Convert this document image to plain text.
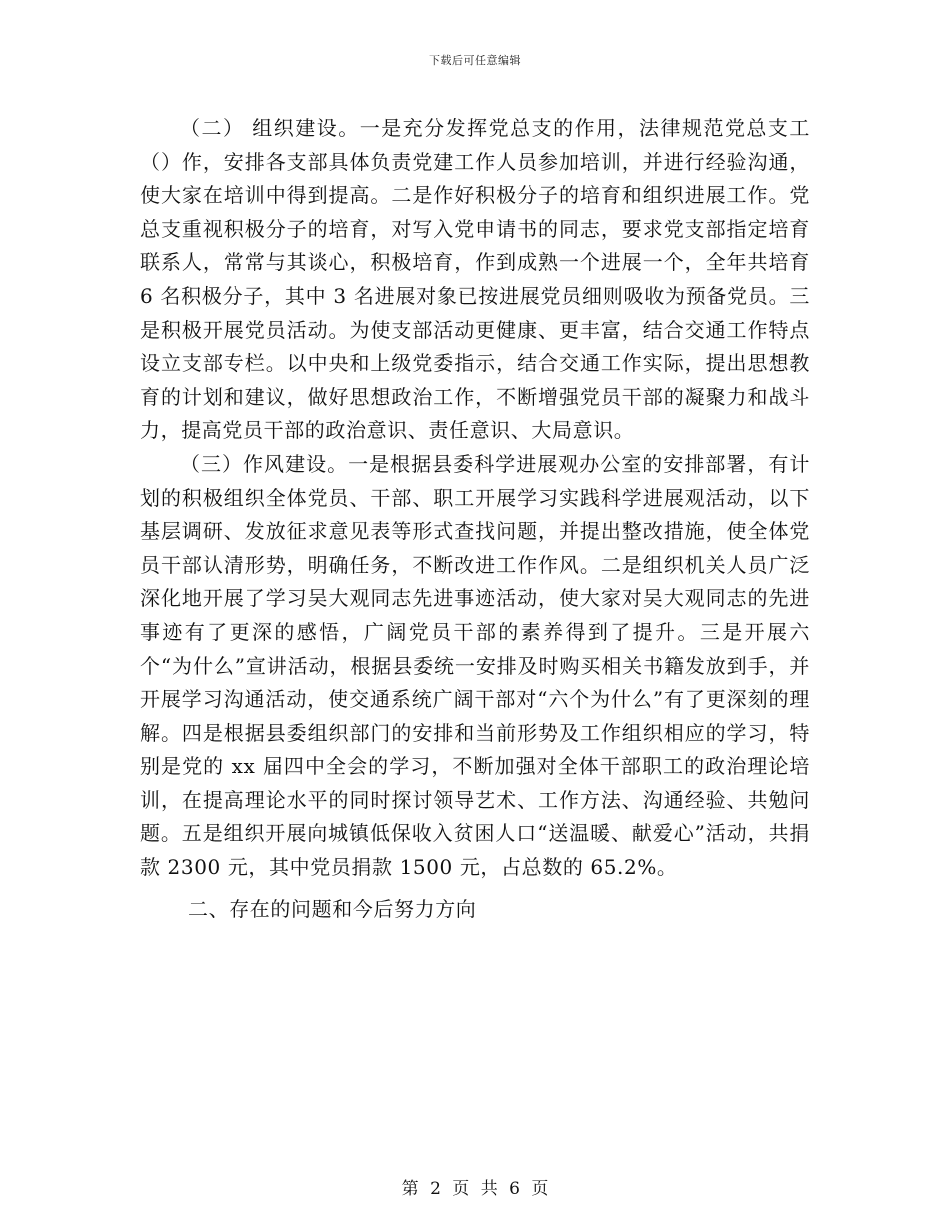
下载后可任意编辑

（二） 组织建设。一是充分发挥党总支的作用，法律规范党总支工（）作，安排各支部具体负责党建工作人员参加培训，并进行经验沟通，使大家在培训中得到提高。二是作好积极分子的培育和组织进展工作。党总支重视积极分子的培育，对写入党申请书的同志，要求党支部指定培育联系人，常常与其谈心，积极培育，作到成熟一个进展一个，全年共培育 6 名积极分子，其中 3 名进展对象已按进展党员细则吸收为预备党员。三是积极开展党员活动。为使支部活动更健康、更丰富，结合交通工作特点设立支部专栏。以中央和上级党委指示，结合交通工作实际，提出思想教育的计划和建议，做好思想政治工作，不断增强党员干部的凝聚力和战斗力，提高党员干部的政治意识、责任意识、大局意识。

（三）作风建设。一是根据县委科学进展观办公室的安排部署，有计划的积极组织全体党员、干部、职工开展学习实践科学进展观活动，以下基层调研、发放征求意见表等形式查找问题，并提出整改措施，使全体党员干部认清形势，明确任务，不断改进工作作风。二是组织机关人员广泛深化地开展了学习吴大观同志先进事迹活动，使大家对吴大观同志的先进事迹有了更深的感悟，广阔党员干部的素养得到了提升。三是开展六个“为什么”宣讲活动，根据县委统一安排及时购买相关书籍发放到手，并开展学习沟通活动，使交通系统广阔干部对“六个为什么”有了更深刻的理解。四是根据县委组织部门的安排和当前形势及工作组织相应的学习，特别是党的 xx 届四中全会的学习，不断加强对全体干部职工的政治理论培训，在提高理论水平的同时探讨领导艺术、工作方法、沟通经验、共勉问题。五是组织开展向城镇低保收入贫困人口“送温暖、献爱心”活动，共捐款 2300 元，其中党员捐款 1500 元，占总数的 65.2%。

二、存在的问题和今后努力方向

第 2 页 共 6 页
